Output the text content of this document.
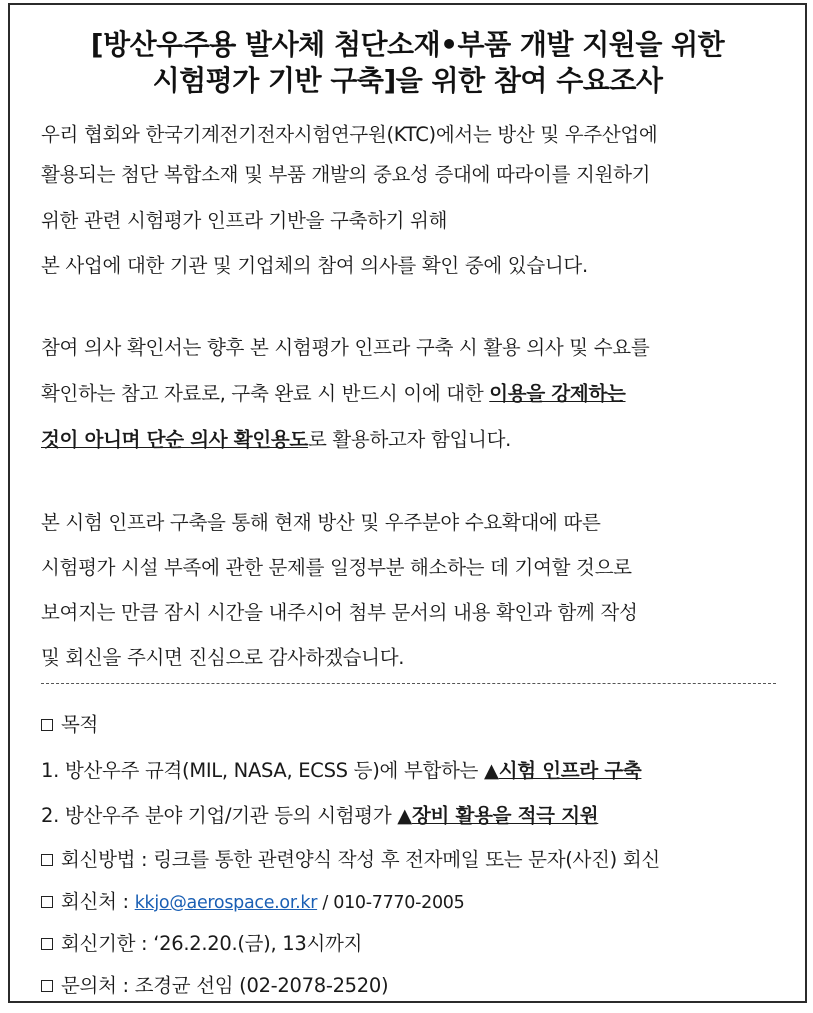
[방산우주용 발사체 첨단소재•부품 개발 지원을 위한
시험평가 기반 구축]을 위한 참여 수요조사
우리 협회와 한국기계전기전자시험연구원(KTC)에서는 방산 및 우주산업에
활용되는 첨단 복합소재 및 부품 개발의 중요성 증대에 따라이를 지원하기
위한 관련 시험평가 인프라 기반을 구축하기 위해
본 사업에 대한 기관 및 기업체의 참여 의사를 확인 중에 있습니다.
참여 의사 확인서는 향후 본 시험평가 인프라 구축 시 활용 의사 및 수요를
확인하는 참고 자료로, 구축 완료 시 반드시 이에 대한 이용을 강제하는
것이 아니며 단순 의사 확인용도로 활용하고자 함입니다.
본 시험 인프라 구축을 통해 현재 방산 및 우주분야 수요확대에 따른
시험평가 시설 부족에 관한 문제를 일정부분 해소하는 데 기여할 것으로
보여지는 만큼 잠시 시간을 내주시어 첨부 문서의 내용 확인과 함께 작성
및 회신을 주시면 진심으로 감사하겠습니다.
목적
1. 방산우주 규격(MIL, NASA, ECSS 등)에 부합하는 ▲시험 인프라 구축
2. 방산우주 분야 기업/기관 등의 시험평가 ▲장비 활용을 적극 지원
회신방법 : 링크를 통한 관련양식 작성 후 전자메일 또는 문자(사진) 회신
회신처 : kkjo@aerospace.or.kr / 010-7770-2005
회신기한 : ‘26.2.20.(금), 13시까지
문의처 : 조경균 선임 (02-2078-2520)
